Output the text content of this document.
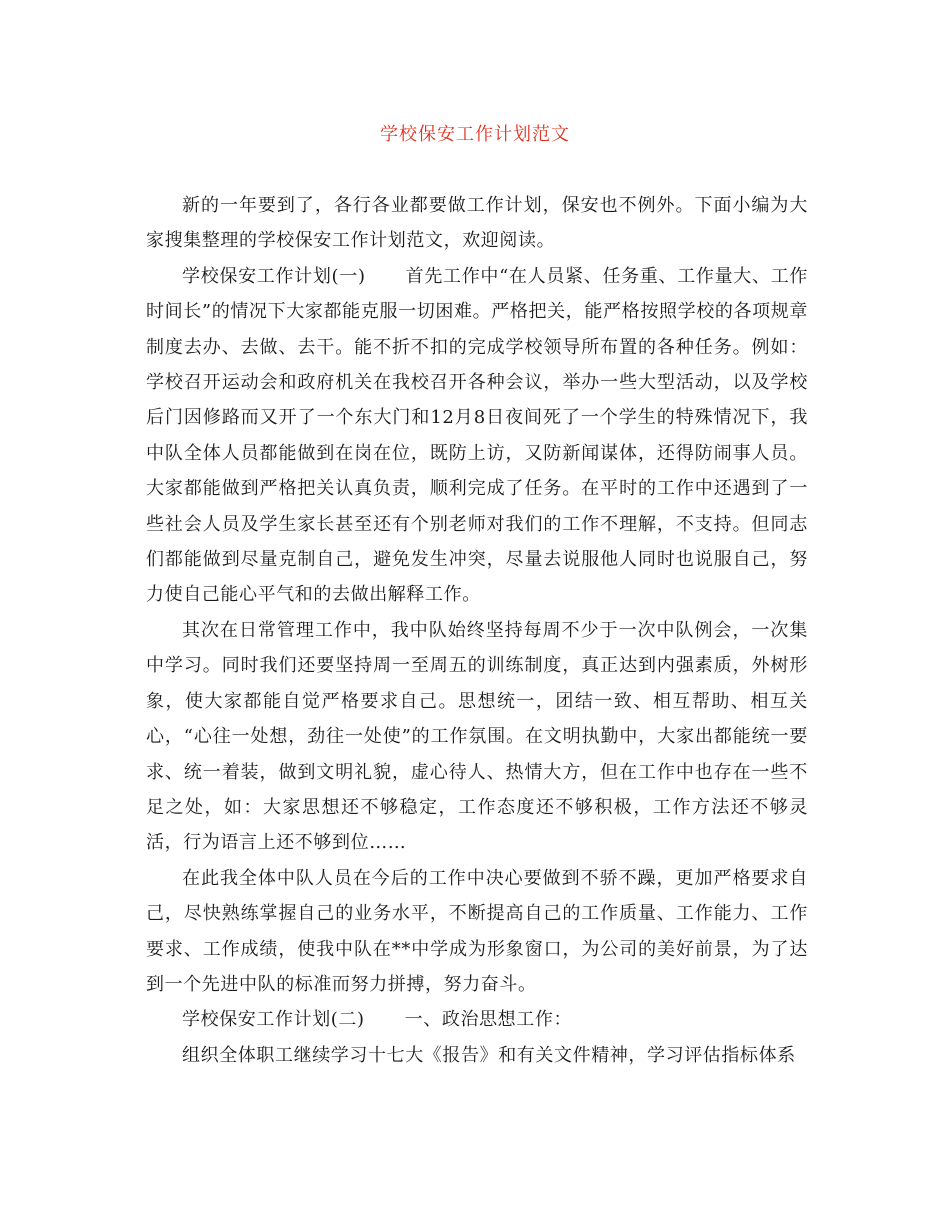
学校保安工作计划范文

新的一年要到了，各行各业都要做工作计划，保安也不例外。下面小编为大家搜集整理的学校保安工作计划范文，欢迎阅读。

学校保安工作计划(一) 首先工作中“在人员紧、任务重、工作量大、工作时间长”的情况下大家都能克服一切困难。严格把关，能严格按照学校的各项规章制度去办、去做、去干。能不折不扣的完成学校领导所布置的各种任务。例如：学校召开运动会和政府机关在我校召开各种会议，举办一些大型活动，以及学校后门因修路而又开了一个东大门和12月8日夜间死了一个学生的特殊情况下，我中队全体人员都能做到在岗在位，既防上访，又防新闻谋体，还得防闹事人员。大家都能做到严格把关认真负责，顺利完成了任务。在平时的工作中还遇到了一些社会人员及学生家长甚至还有个别老师对我们的工作不理解，不支持。但同志们都能做到尽量克制自己，避免发生冲突，尽量去说服他人同时也说服自己，努力使自己能心平气和的去做出解释工作。

其次在日常管理工作中，我中队始终坚持每周不少于一次中队例会，一次集中学习。同时我们还要坚持周一至周五的训练制度，真正达到内强素质，外树形象，使大家都能自觉严格要求自己。思想统一，团结一致、相互帮助、相互关心，“心往一处想，劲往一处使”的工作氛围。在文明执勤中，大家出都能统一要求、统一着装，做到文明礼貌，虚心待人、热情大方，但在工作中也存在一些不足之处，如：大家思想还不够稳定，工作态度还不够积极，工作方法还不够灵活，行为语言上还不够到位……

在此我全体中队人员在今后的工作中决心要做到不骄不躁，更加严格要求自己，尽快熟练掌握自己的业务水平，不断提高自己的工作质量、工作能力、工作要求、工作成绩，使我中队在**中学成为形象窗口，为公司的美好前景，为了达到一个先进中队的标准而努力拼搏，努力奋斗。

学校保安工作计划(二) 一、政治思想工作：

组织全体职工继续学习十七大《报告》和有关文件精神，学习评估指标体系
